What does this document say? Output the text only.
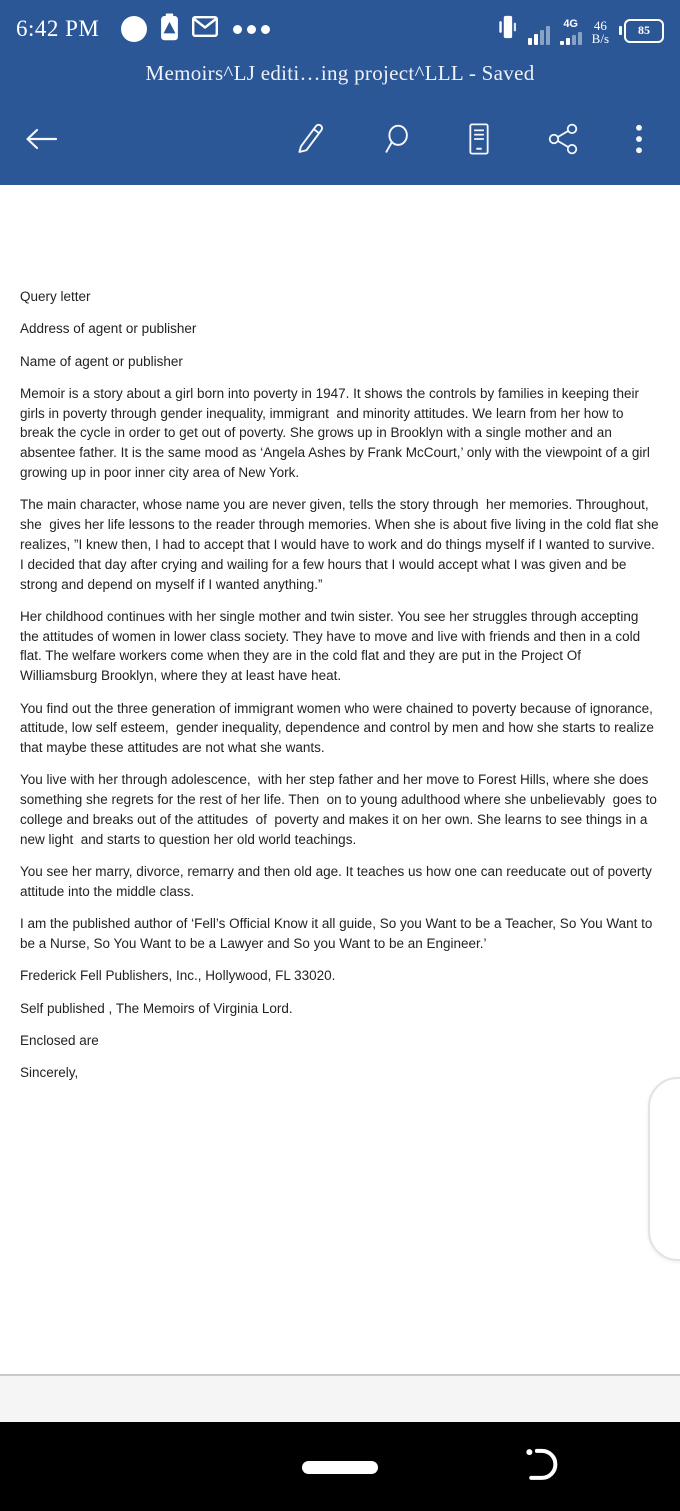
6:42 PM	4G 46
B/s
85
Memoirs^LJ editi…ing project^LLL - Saved

Query letter

Address of agent or publisher

Name of agent or publisher

Memoir is a story about a girl born into poverty in 1947. It shows the controls by families in keeping their girls in poverty through gender inequality, immigrant  and minority attitudes. We learn from her how to break the cycle in order to get out of poverty. She grows up in Brooklyn with a single mother and an absentee father. It is the same mood as ‘Angela Ashes by Frank McCourt,’ only with the viewpoint of a girl growing up in poor inner city area of New York.

The main character, whose name you are never given, tells the story through  her memories. Throughout, she  gives her life lessons to the reader through memories. When she is about five living in the cold flat she realizes, ”I knew then, I had to accept that I would have to work and do things myself if I wanted to survive.  I decided that day after crying and wailing for a few hours that I would accept what I was given and be strong and depend on myself if I wanted anything.”

Her childhood continues with her single mother and twin sister. You see her struggles through accepting the attitudes of women in lower class society. They have to move and live with friends and then in a cold flat. The welfare workers come when they are in the cold flat and they are put in the Project Of Williamsburg Brooklyn, where they at least have heat.

You find out the three generation of immigrant women who were chained to poverty because of ignorance, attitude, low self esteem,  gender inequality, dependence and control by men and how she starts to realize that maybe these attitudes are not what she wants.

You live with her through adolescence,  with her step father and her move to Forest Hills, where she does something she regrets for the rest of her life. Then  on to young adulthood where she unbelievably  goes to college and breaks out of the attitudes  of  poverty and makes it on her own. She learns to see things in a new light  and starts to question her old world teachings.

You see her marry, divorce, remarry and then old age. It teaches us how one can reeducate out of poverty attitude into the middle class.

I am the published author of ‘Fell’s Official Know it all guide, So you Want to be a Teacher, So You Want to be a Nurse, So You Want to be a Lawyer and So you Want to be an Engineer.’

Frederick Fell Publishers, Inc., Hollywood, FL 33020.

Self published , The Memoirs of Virginia Lord.

Enclosed are

Sincerely,
